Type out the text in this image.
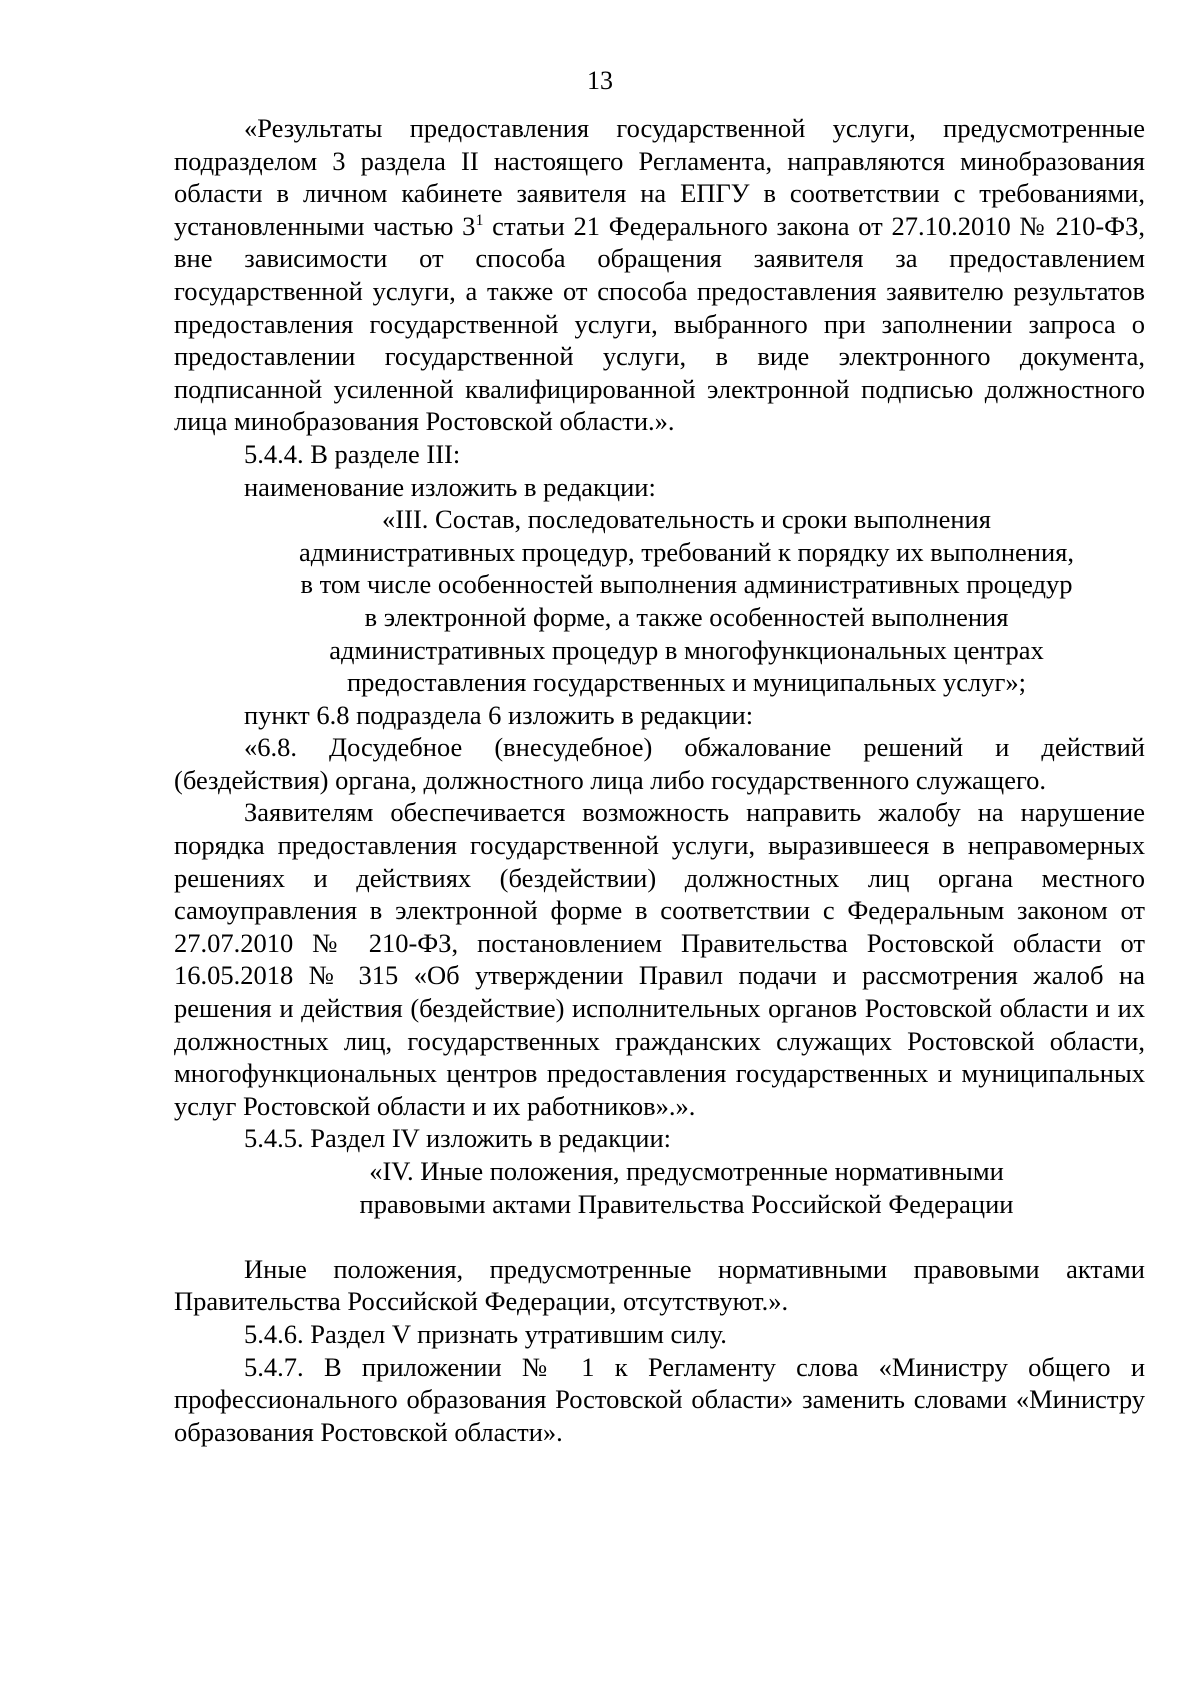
13

«Результаты предоставления государственной услуги, предусмотренные подразделом 3 раздела II настоящего Регламента, направляются минобразования области в личном кабинете заявителя на ЕПГУ в соответствии с требованиями, установленными частью $3^1$ статьи 21 Федерального закона от 27.10.2010 № 210-ФЗ, вне зависимости от способа обращения заявителя за предоставлением государственной услуги, а также от способа предоставления заявителю результатов предоставления государственной услуги, выбранного при заполнении запроса о предоставлении государственной услуги, в виде электронного документа, подписанной усиленной квалифицированной электронной подписью должностного лица минобразования Ростовской области.».

5.4.4. В разделе III:

наименование изложить в редакции:

«III. Состав, последовательность и сроки выполнения
административных процедур, требований к порядку их выполнения,
в том числе особенностей выполнения административных процедур
в электронной форме, а также особенностей выполнения
административных процедур в многофункциональных центрах
предоставления государственных и муниципальных услуг»;

пункт 6.8 подраздела 6 изложить в редакции:

«6.8. Досудебное (внесудебное) обжалование решений и действий (бездействия) органа, должностного лица либо государственного служащего.

Заявителям обеспечивается возможность направить жалобу на нарушение порядка предоставления государственной услуги, выразившееся в неправомерных решениях и действиях (бездействии) должностных лиц органа местного самоуправления в электронной форме в соответствии с Федеральным законом от 27.07.2010 № 210-ФЗ, постановлением Правительства Ростовской области от 16.05.2018 № 315 «Об утверждении Правил подачи и рассмотрения жалоб на решения и действия (бездействие) исполнительных органов Ростовской области и их должностных лиц, государственных гражданских служащих Ростовской области, многофункциональных центров предоставления государственных и муниципальных услуг Ростовской области и их работников».».

5.4.5. Раздел IV изложить в редакции:

«IV. Иные положения, предусмотренные нормативными
правовыми актами Правительства Российской Федерации

Иные положения, предусмотренные нормативными правовыми актами Правительства Российской Федерации, отсутствуют.».

5.4.6. Раздел V признать утратившим силу.

5.4.7. В приложении № 1 к Регламенту слова «Министру общего и профессионального образования Ростовской области» заменить словами «Министру образования Ростовской области».
